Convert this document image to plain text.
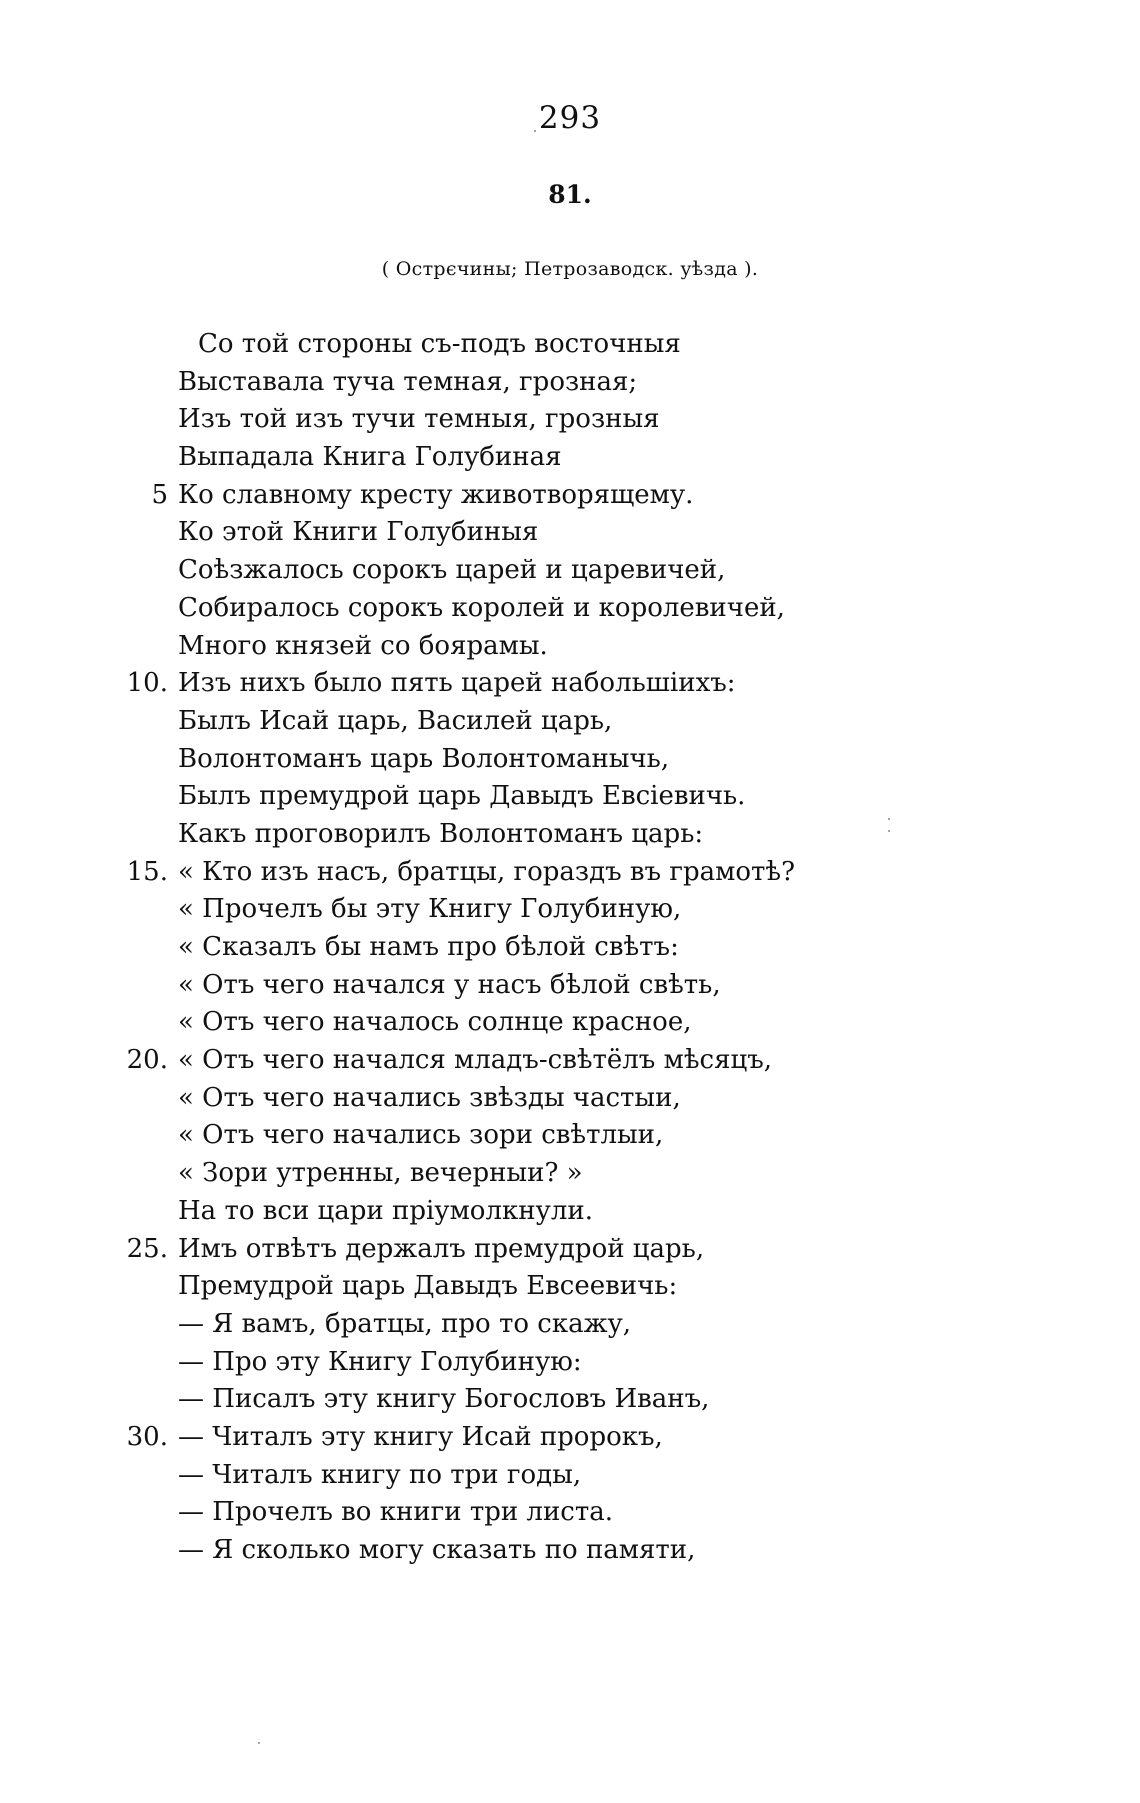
293
81.
( Острєчины; Петрозаводск. уѣзда ).
Со той стороны съ-подъ восточныя
Выставала туча темная, грозная;
Изъ той изъ тучи темныя, грозныя
Выпадала Книга Голубиная
5 Ко славному кресту животворящему.
Ко этой Книги Голубиныя
Соѣзжалось сорокъ царей и царевичей,
Собиралось сорокъ королей и королевичей,
Много князей со боярамы.
10. Изъ нихъ было пять царей набольшіихъ:
Былъ Исай царь, Василей царь,
Волонтомaнъ царь Волонтомaнычь,
Былъ премудрой царь Давыдъ Евсіевичь.
Какъ проговорилъ Волонтоманъ царь:
15. « Кто изъ насъ, братцы, гораздъ въ грамотѣ?
« Прочелъ бы эту Книгу Голубиную,
« Сказалъ бы намъ про бѣлой свѣтъ:
« Отъ чего начался у насъ бѣлой свѣть,
« Отъ чего началось солнце красное,
20. « Отъ чего начался младъ-свѣтёлъ мѣсяцъ,
« Отъ чего начались звѣзды частыи,
« Отъ чего начались зори свѣтлыи,
« Зори утренны, вечерныи? »
На то вси цари пріумолкнули.
25. Имъ отвѣтъ держалъ премудрой царь,
Премудрой царь Давыдъ Евсеевичь:
— Я вамъ, братцы, про то скажу,
— Про эту Книгу Голубиную:
— Писалъ эту книгу Богословъ Иванъ,
30. — Читалъ эту книгу Исай пророкъ,
— Читалъ книгу по три годы,
— Прочелъ во книги три листа.
— Я сколько могу сказать по памяти,
